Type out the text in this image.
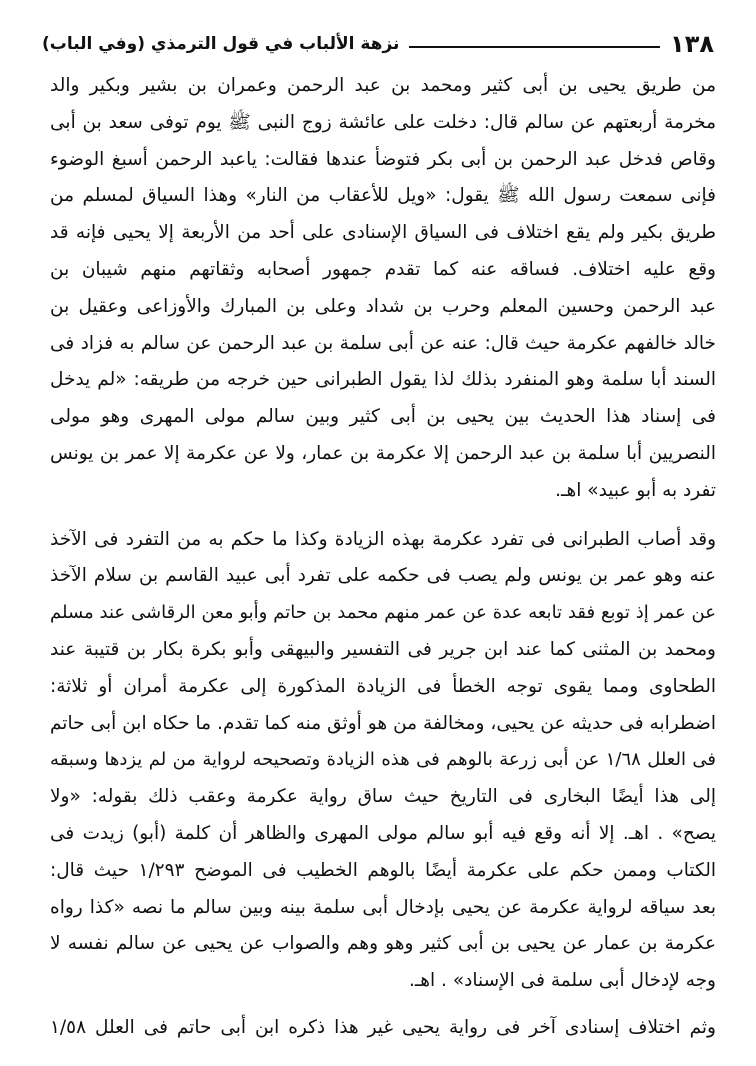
١٣٨
نزهة الألباب في قول الترمذي (وفي الباب)
من طريق يحيى بن أبى كثير ومحمد بن عبد الرحمن وعمران بن بشير وبكير والد
مخرمة أربعتهم عن سالم قال: دخلت على عائشة زوج النبى ﷺ يوم توفى سعد بن أبى
وقاص فدخل عبد الرحمن بن أبى بكر فتوضأ عندها فقالت: ياعبد الرحمن أسبغ الوضوء
فإنى سمعت رسول الله ﷺ يقول: «ويل للأعقاب من النار» وهذا السياق لمسلم من
طريق بكير ولم يقع اختلاف فى السياق الإسنادى على أحد من الأربعة إلا يحيى فإنه قد
وقع عليه اختلاف. فساقه عنه كما تقدم جمهور أصحابه وثقاتهم منهم شيبان بن
عبد الرحمن وحسين المعلم وحرب بن شداد وعلى بن المبارك والأوزاعى وعقيل بن
خالد خالفهم عكرمة حيث قال: عنه عن أبى سلمة بن عبد الرحمن عن سالم به فزاد فى
السند أبا سلمة وهو المنفرد بذلك لذا يقول الطبرانى حين خرجه من طريقه: «لم يدخل
فى إسناد هذا الحديث بين يحيى بن أبى كثير وبين سالم مولى المهرى وهو مولى
النصريين أبا سلمة بن عبد الرحمن إلا عكرمة بن عمار، ولا عن عكرمة إلا عمر بن يونس
تفرد به أبو عبيد» اهـ.
وقد أصاب الطبرانى فى تفرد عكرمة بهذه الزيادة وكذا ما حكم به من التفرد فى الآخذ
عنه وهو عمر بن يونس ولم يصب فى حكمه على تفرد أبى عبيد القاسم بن سلام الآخذ
عن عمر إذ توبع فقد تابعه عدة عن عمر منهم محمد بن حاتم وأبو معن الرقاشى عند مسلم
ومحمد بن المثنى كما عند ابن جرير فى التفسير والبيهقى وأبو بكرة بكار بن قتيبة عند
الطحاوى ومما يقوى توجه الخطأ فى الزيادة المذكورة إلى عكرمة أمران أو ثلاثة:
اضطرابه فى حديثه عن يحيى، ومخالفة من هو أوثق منه كما تقدم. ما حكاه ابن أبى حاتم
فى العلل ١/٦٨ عن أبى زرعة بالوهم فى هذه الزيادة وتصحيحه لرواية من لم يزدها وسبقه
إلى هذا أيضًا البخارى فى التاريخ حيث ساق رواية عكرمة وعقب ذلك بقوله: «ولا
يصح» . اهـ. إلا أنه وقع فيه أبو سالم مولى المهرى والظاهر أن كلمة (أبو) زيدت فى
الكتاب وممن حكم على عكرمة أيضًا بالوهم الخطيب فى الموضح ١/٢٩٣ حيث قال:
بعد سياقه لرواية عكرمة عن يحيى بإدخال أبى سلمة بينه وبين سالم ما نصه «كذا رواه
عكرمة بن عمار عن يحيى بن أبى كثير وهو وهم والصواب عن يحيى عن سالم نفسه لا
وجه لإدخال أبى سلمة فى الإسناد» . اهـ.
وثم اختلاف إسنادى آخر فى رواية يحيى غير هذا ذكره ابن أبى حاتم فى العلل ١/٥٨
